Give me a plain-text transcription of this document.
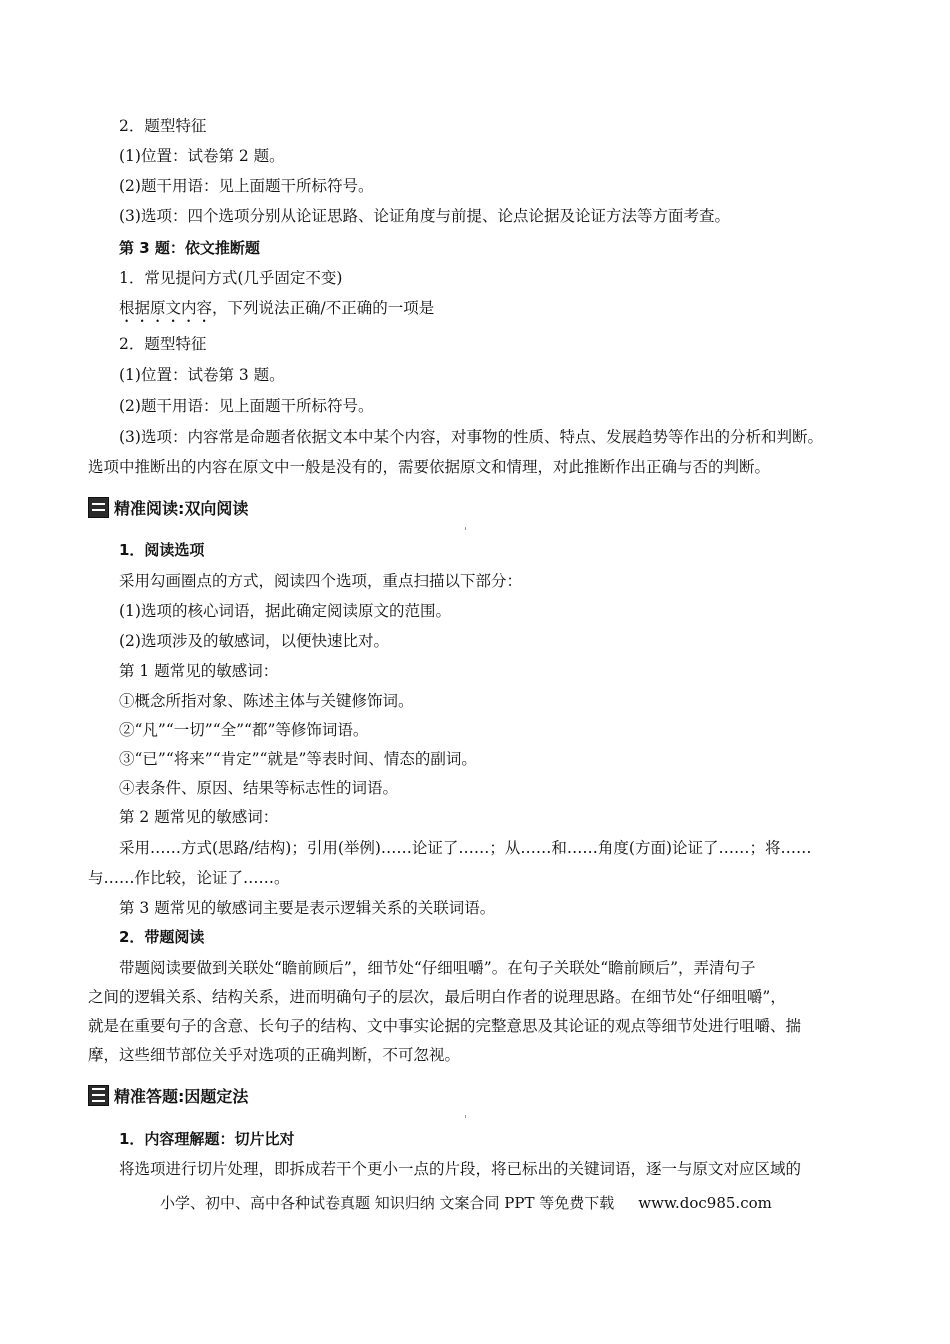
2．题型特征
(1)位置：试卷第 2 题。
(2)题干用语：见上面题干所标符号。
(3)选项：四个选项分别从论证思路、论证角度与前提、论点论据及论证方法等方面考查。
第 3 题：依文推断题
1．常见提问方式(几乎固定不变)
根据原文内容，下列说法正确/不正确的一项是
2．题型特征
(1)位置：试卷第 3 题。
(2)题干用语：见上面题干所标符号。
(3)选项：内容常是命题者依据文本中某个内容，对事物的性质、特点、发展趋势等作出的分析和判断。
选项中推断出的内容在原文中一般是没有的，需要依据原文和情理，对此推断作出正确与否的判断。
精准阅读:双向阅读
1．阅读选项
采用勾画圈点的方式，阅读四个选项，重点扫描以下部分：
(1)选项的核心词语，据此确定阅读原文的范围。
(2)选项涉及的敏感词，以便快速比对。
第 1 题常见的敏感词：
①概念所指对象、陈述主体与关键修饰词。
②“凡”“一切”“全”“都”等修饰词语。
③“已”“将来”“肯定”“就是”等表时间、情态的副词。
④表条件、原因、结果等标志性的词语。
第 2 题常见的敏感词：
采用……方式(思路/结构)；引用(举例)……论证了……；从……和……角度(方面)论证了……；将……
与……作比较，论证了……。
第 3 题常见的敏感词主要是表示逻辑关系的关联词语。
2．带题阅读
带题阅读要做到关联处“瞻前顾后”，细节处“仔细咀嚼”。在句子关联处“瞻前顾后”，弄清句子
之间的逻辑关系、结构关系，进而明确句子的层次，最后明白作者的说理思路。在细节处“仔细咀嚼”，
就是在重要句子的含意、长句子的结构、文中事实论据的完整意思及其论证的观点等细节处进行咀嚼、揣
摩，这些细节部位关乎对选项的正确判断，不可忽视。
精准答题:因题定法
1．内容理解题：切片比对
将选项进行切片处理，即拆成若干个更小一点的片段，将已标出的关键词语，逐一与原文对应区域的
小学、初中、高中各种试卷真题 知识归纳 文案合同 PPT 等免费下载 www.doc985.com
